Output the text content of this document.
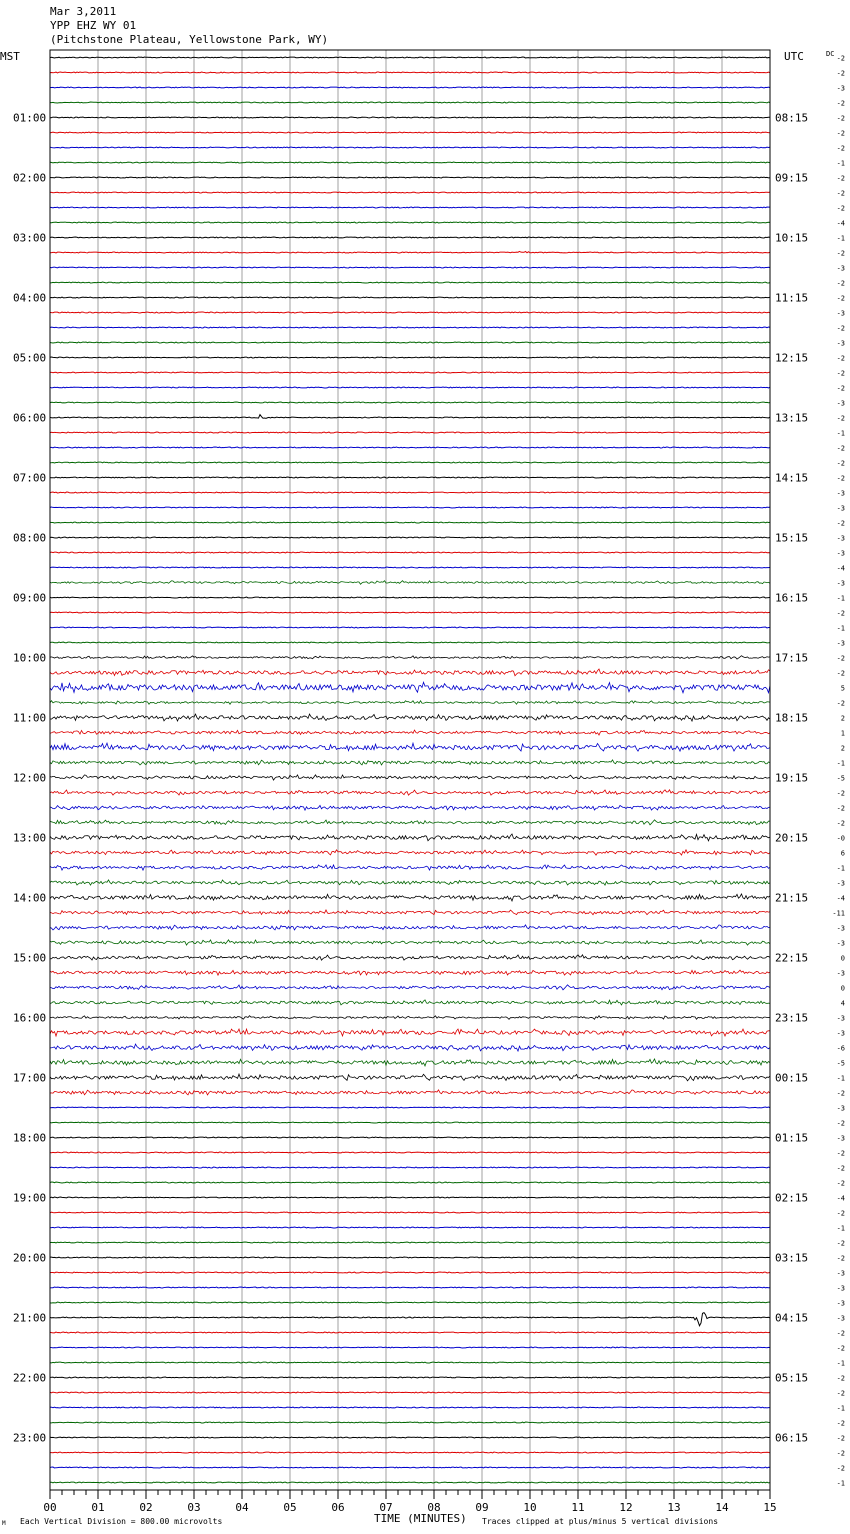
Mar 3,2011
YPP EHZ WY 01
(Pitchstone Plateau, Yellowstone Park, WY)
01:00
02:00
03:00
04:00
05:00
06:00
07:00
08:00
09:00
10:00
11:00
12:00
13:00
14:00
15:00
16:00
17:00
18:00
19:00
20:00
21:00
22:00
23:00
08:15
09:15
10:15
11:15
12:15
13:15
14:15
15:15
16:15
17:15
18:15
19:15
20:15
21:15
22:15
23:15
00:15
01:15
02:15
03:15
04:15
05:15
06:15
-2
-2
-3
-2
-2
-2
-2
-1
-2
-2
-2
-4
-1
-2
-3
-2
-2
-3
-2
-3
-2
-2
-2
-3
-2
-1
-2
-2
-2
-3
-3
-2
-3
-3
-4
-3
-1
-2
-1
-3
-2
-2
5
-2
2
1
2
-1
-5
-2
-2
-2
-0
6
-1
-3
-4
-11
-3
-3
0
-3
0
4
-3
-3
-6
-5
-1
-2
-3
-2
-3
-2
-2
-2
-4
-2
-1
-2
-2
-3
-3
-3
-3
-2
-2
-1
-2
-2
-1
-2
-2
-2
-2
-1
00	01	02	03	04	05	06	07	08	09	10	11	12	13	14	15
MST	UTC	DC
TIME (MINUTES)
Each Vertical Division = 800.00 microvolts	Traces clipped at plus/minus 5 vertical divisions
M
